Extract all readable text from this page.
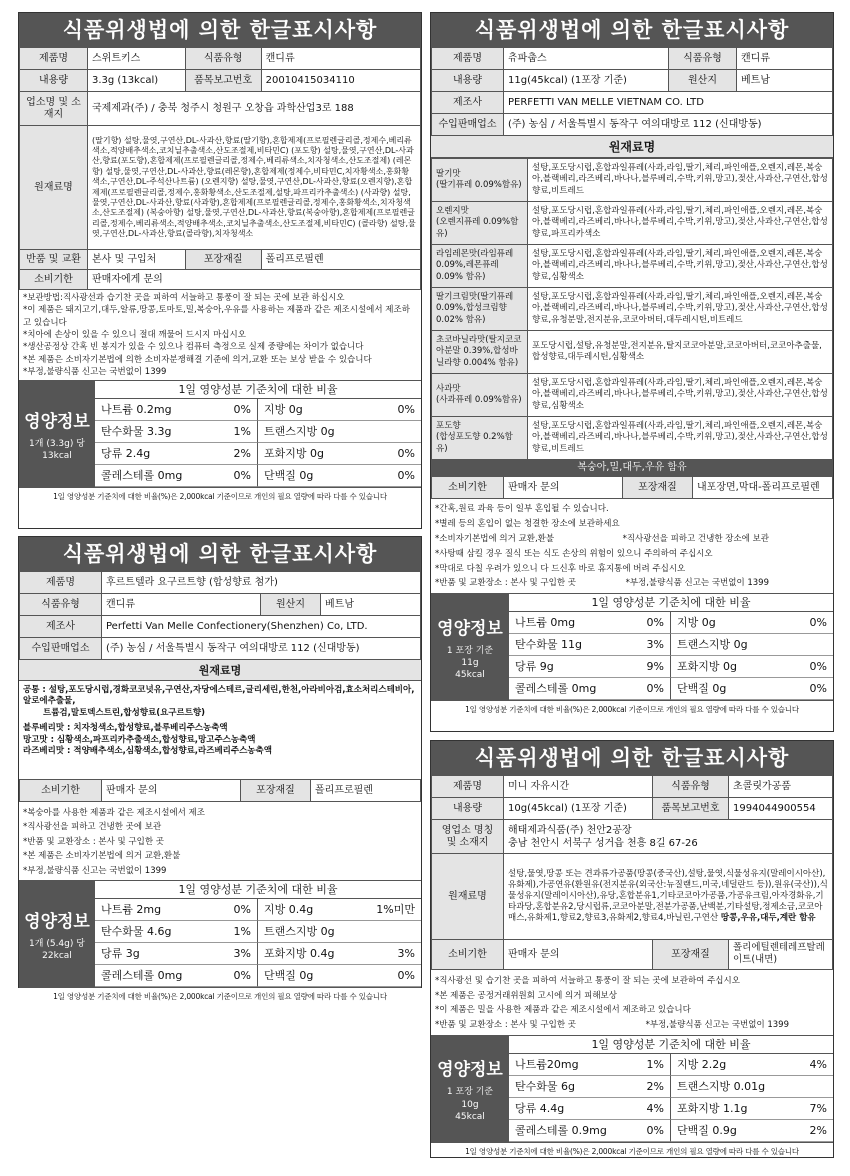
식품위생법에 의한 한글표시사항
제품명	스위트키스	식품유형	캔디류
내용량	3.3g (13kcal)	품목보고번호	20010415034110
업소명 및 소재지	국제제과(주) / 충북 청주시 청원구 오창읍 과학산업3로 188		
원재료명	(딸기향) 설탕,물엿,구연산,DL-사과산,향료(딸기향),혼합제제(프로필렌글리콜,정제수,베리류색소,적양배추색소,코치닐추출색소,산도조절제,비타민C) (포도향) 설탕,물엿,구연산,DL-사과산,향료(포도향),혼합제제(프로필렌글리콜,정제수,베리류색소,치자청색소,산도조절제) (레몬향) 설탕,물엿,구연산,DL-사과산,향료(레몬향),혼합제제(정제수,비타민C,치자황색소,홍화황색소,구연산,DL-주석산나트륨) (오렌지향) 설탕,물엿,구연산,DL-사과산,향료(오렌지향),혼합제제(프로필렌글리콜,정제수,홍화황색소,산도조절제,설탕,파프리카추출색소) (사과향) 설탕,물엿,구연산,DL-사과산,향료(사과향),혼합제제(프로필렌글리콜,정제수,홍화황색소,치자청색소,산도조절제) (복숭아향) 설탕,물엿,구연산,DL-사과산,향료(복숭아향),혼합제제(프로필렌글리콜,정제수,베리류색소,적양배추색소,코치닐추출색소,산도조절제,비타민C) (콜라향) 설탕,물엿,구연산,DL-사과산,향료(콜라향),치자청색소		
반품 및 교환	본사 및 구입처	포장재질	폴리프로필렌
소비기한	판매자에게 문의		
*보관방법:직사광선과 습기찬 곳을 피하여 서늘하고 통풍이 잘 되는 곳에 보관 하십시오
*이 제품은 돼지고기,대두,알류,땅콩,토마토,밀,복숭아,우유를 사용하는 제품과 같은 제조시설에서 제조하고 있습니다
*치아에 손상이 있을 수 있으니 절대 깨물어 드시지 마십시오
*생산공정상 간혹 빈 봉지가 있을 수 있으나 컴퓨터 측정으로 실제 중량에는 차이가 없습니다
*본 제품은 소비자기본법에 의한 소비자분쟁해결 기준에 의거,교환 또는 보상 받을 수 있습니다
*부정,불량식품 신고는 국번없이 1399
영양정보
1개 (3.3g) 당
13kcal
1일 영양성분 기준치에 대한 비율
나트륨 0.2mg	0% 지방 0g	0%
탄수화물 3.3g	1% 트랜스지방 0g
당류 2.4g	2% 포화지방 0g	0%
콜레스테롤 0mg	0% 단백질 0g	0%
1일 영양성분 기준치에 대한 비율(%)은 2,000kcal 기준이므로 개인의 필요 열량에 따라 다를 수 있습니다
식품위생법에 의한 한글표시사항
제품명	후르트텔라 요구르트향 (합성향료 첨가)		
식품유형	캔디류	원산지	베트남
제조사	Perfetti Van Melle Confectionery(Shenzhen) Co, LTD.		
수입판매업소	(주) 농심 / 서울특별시 동작구 여의대방로 112 (신대방동)		
원재료명
공통 : 설탕,포도당시럽,경화코코넛유,구연산,자당에스테르,글리세린,한천,아라비아검,효소처리스테비아,알로에추출물,
트륨검,말토덱스트린,합성향료(요구르트향)
블루베리맛 : 치자청색소,합성향료,블루베리주스농축액
망고맛 : 심황색소,파프리카추출색소,합성향료,망고주스농축액
라즈베리맛 : 적양배추색소,심황색소,합성향료,라즈베리주스농축액
소비기한	판매자 문의	포장재질	폴리프로필렌
*복숭아를 사용한 제품과 같은 제조시설에서 제조
*직사광선을 피하고 건냉한 곳에 보관
*반품 및 교환장소 : 본사 및 구입한 곳
*본 제품은 소비자기본법에 의거 교환,환불
*부정,불량식품 신고는 국번없이 1399
영양정보
1개 (5.4g) 당
22kcal
1일 영양성분 기준치에 대한 비율
나트륨 2mg	0% 지방 0.4g	1%미만
탄수화물 4.6g	1% 트랜스지방 0g
당류 3g	3% 포화지방 0.4g	3%
콜레스테롤 0mg	0% 단백질 0g	0%
1일 영양성분 기준치에 대한 비율(%)은 2,000kcal 기준이므로 개인의 필요 열량에 따라 다를 수 있습니다
식품위생법에 의한 한글표시사항
제품명	츄파춥스	식품유형	캔디류
내용량	11g(45kcal) (1포장 기준)	원산지	베트남
제조사	PERFETTI VAN MELLE VIETNAM CO. LTD		
수입판매업소	(주) 농심 / 서울특별시 동작구 여의대방로 112 (신대방동)		
원재료명
딸기맛
(딸기퓨레 0.09%함유)	설탕,포도당시럽,혼합과일퓨레(사과,라임,딸기,체리,파인애플,오렌지,레몬,복숭아,블랙베리,라즈베리,바나나,블루베리,수박,키위,망고),젖산,사과산,구연산,합성향료,비트레드
오렌지맛
(오렌지퓨레 0.09%함유)	설탕,포도당시럽,혼합과일퓨레(사과,라임,딸기,체리,파인애플,오렌지,레몬,복숭아,블랙베리,라즈베리,바나나,블루베리,수박,키위,망고),젖산,사과산,구연산,합성향료,파프리카색소
라임레몬맛(라임퓨레 0.09%,레몬퓨레 0.09% 함유)	설탕,포도당시럽,혼합과일퓨레(사과,라임,딸기,체리,파인애플,오렌지,레몬,복숭아,블랙베리,라즈베리,바나나,블루베리,수박,키위,망고),젖산,사과산,구연산,합성향료,심황색소
딸기크림맛(딸기퓨레 0.09%,합성크림향 0.02% 함유)	설탕,포도당시럽,혼합과일퓨레(사과,라임,딸기,체리,파인애플,오렌지,레몬,복숭아,블랙베리,라즈베리,바나나,블루베리,수박,키위,망고),젖산,사과산,구연산,합성향료,유청분말,전지분유,코코아버터,대두레시틴,비트레드
초코바닐라맛(탈지코코아분말 0.39%,합성바닐라향 0.004% 함유)	포도당시럽,설탕,유청분말,전지분유,탈지코코아분말,코코아버터,코코아추출물,합성향료,대두레시틴,심황색소
사과맛
(사과퓨레 0.09%함유)	설탕,포도당시럽,혼합과일퓨레(사과,라임,딸기,체리,파인애플,오렌지,레몬,복숭아,블랙베리,라즈베리,바나나,블루베리,수박,키위,망고),젖산,사과산,구연산,합성향료,심황색소
포도향
(합성포도향 0.2%함유)	설탕,포도당시럽,혼합과일퓨레(사과,라임,딸기,체리,파인애플,오렌지,레몬,복숭아,블랙베리,라즈베리,바나나,블루베리,수박,키위,망고),젖산,사과산,구연산,합성향료,비트레드
복숭아,밀,대두,우유 함유
소비기한	판매자 문의	포장재질	내포장면,막대-폴리프로필렌
*간혹,원료 과육 등이 일부 혼입될 수 있습니다.
*별레 등의 혼입이 없는 청결한 장소에 보관하세요
*소비자기본법에 의거 교환,환불	*직사광선을 피하고 건냉한 장소에 보관
*사탕때 삼킬 경우 질식 또는 식도 손상의 위험이 있으니 주의하여 주십시오
*막대로 다칠 우려가 있으니 다 드신후 바로 휴지통에 버려 주십시오
*반품 및 교환장소 : 본사 및 구입한 곳	*부정,불량식품 신고는 국번없이 1399
영양정보
1 포장 기준
11g
45kcal
1일 영양성분 기준치에 대한 비율
나트륨 0mg	0% 지방 0g	0%
탄수화물 11g	3% 트랜스지방 0g
당류 9g	9% 포화지방 0g	0%
콜레스테롤 0mg	0% 단백질 0g	0%
1일 영양성분 기준치에 대한 비율(%)은 2,000kcal 기준이므로 개인의 필요 열량에 따라 다를 수 있습니다
식품위생법에 의한 한글표시사항
제품명	미니 자유시간	식품유형	초콜릿가공품
내용량	10g(45kcal) (1포장 기준)	품목보고번호	1994044900554
영업소 명칭 및 소재지	해태제과식품(주) 천안2공장
충남 천안시 서북구 성거읍 천흥 8길 67-26		

원재료명	설탕,물엿,땅콩 또는 견과류가공품(땅콩(중국산),설탕,물엿,식물성유지(말레이시아산),유화제),가공연유(환원유(전지분유(외국산:뉴질랜드,미국,네덜란드 등)),원유(국산)),식물성유지(말레이시아산),유당,혼합분유1,기타코코아가공품,가공유크림,아자경화유,기타과당,혼합분유2,당시럽류,코코아분말,전분가공품,난백분,기타설탕,정제소금,코코아매스,유화제1,향료2,향료3,유화제2,향료4,바닐린,구연산 땅콩,우유,대두,계란 함유		
소비기한	판매자 문의	포장재질	폴리에틸렌테레프탈레이트(내면)
*직사광선 및 습기찬 곳을 피하여 서늘하고 통풍이 잘 되는 곳에 보관하여 주십시오
*본 제품은 공정거래위원회 고시에 의거 피해보상
*이 제품은 밀을 사용한 제품과 같은 제조시설에서 제조하고 있습니다
*반품 및 교환장소 : 본사 및 구입한 곳	*부정,불량식품 신고는 국번없이 1399
영양정보
1 포장 기준
10g
45kcal
1일 영양성분 기준치에 대한 비율
나트륨20mg	1% 지방 2.2g	4%
탄수화물 6g	2% 트랜스지방 0.01g
당류 4.4g	4% 포화지방 1.1g	7%
콜레스테롤 0.9mg	0% 단백질 0.9g	2%
1일 영양성분 기준치에 대한 비율(%)은 2,000kcal 기준이므로 개인의 필요 열량에 따라 다를 수 있습니다
